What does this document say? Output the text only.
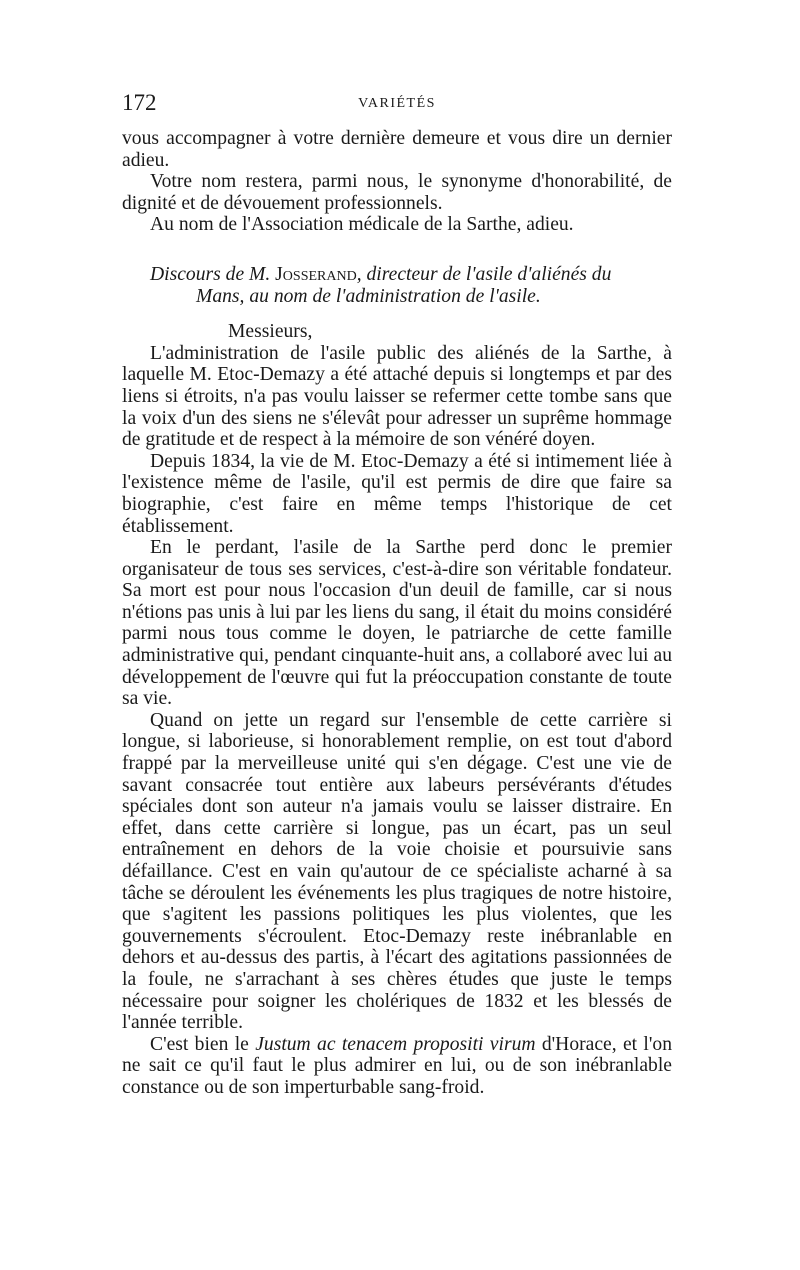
172	VARIÉTÉS

vous accompagner à votre dernière demeure et vous dire un dernier adieu.

Votre nom restera, parmi nous, le synonyme d'honorabilité, de dignité et de dévouement professionnels.

Au nom de l'Association médicale de la Sarthe, adieu.

Discours de M. Josserand, directeur de l'asile d'aliénés du

Mans, au nom de l'administration de l'asile.

Messieurs,

L'administration de l'asile public des aliénés de la Sarthe, à laquelle M. Etoc-Demazy a été attaché depuis si longtemps et par des liens si étroits, n'a pas voulu laisser se refermer cette tombe sans que la voix d'un des siens ne s'élevât pour adresser un suprême hommage de gratitude et de respect à la mémoire de son vénéré doyen.

Depuis 1834, la vie de M. Etoc-Demazy a été si intimement liée à l'existence même de l'asile, qu'il est permis de dire que faire sa biographie, c'est faire en même temps l'historique de cet établissement.

En le perdant, l'asile de la Sarthe perd donc le premier organisateur de tous ses services, c'est-à-dire son véritable fondateur. Sa mort est pour nous l'occasion d'un deuil de famille, car si nous n'étions pas unis à lui par les liens du sang, il était du moins considéré parmi nous tous comme le doyen, le patriarche de cette famille administrative qui, pendant cinquante-huit ans, a collaboré avec lui au développement de l'œuvre qui fut la préoccupation constante de toute sa vie.

Quand on jette un regard sur l'ensemble de cette carrière si longue, si laborieuse, si honorablement remplie, on est tout d'abord frappé par la merveilleuse unité qui s'en dégage. C'est une vie de savant consacrée tout entière aux labeurs persévérants d'études spéciales dont son auteur n'a jamais voulu se laisser distraire. En effet, dans cette carrière si longue, pas un écart, pas un seul entraînement en dehors de la voie choisie et poursuivie sans défaillance. C'est en vain qu'autour de ce spécialiste acharné à sa tâche se déroulent les événements les plus tragiques de notre histoire, que s'agitent les passions politiques les plus violentes, que les gouvernements s'écroulent. Etoc-Demazy reste inébranlable en dehors et au-dessus des partis, à l'écart des agitations passionnées de la foule, ne s'arrachant à ses chères études que juste le temps nécessaire pour soigner les cholériques de 1832 et les blessés de l'année terrible.

C'est bien le Justum ac tenacem propositi virum d'Horace, et l'on ne sait ce qu'il faut le plus admirer en lui, ou de son inébranlable constance ou de son imperturbable sang-froid.
